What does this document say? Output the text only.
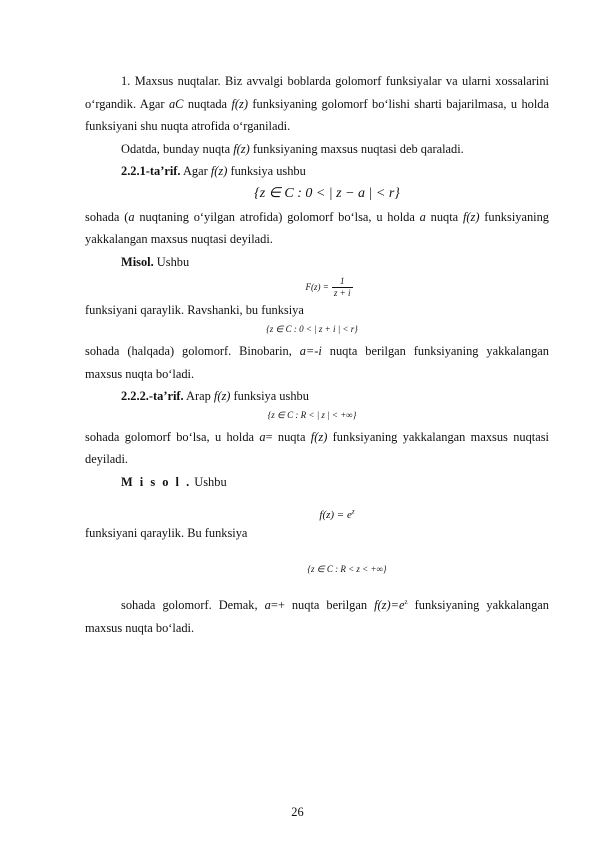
1. Maxsus nuqtalar. Biz avvalgi boblarda golomorf funksiyalar va ularni xossalarini o‘rgandik. Agar aC nuqtada f(z) funksiyaning golomorf bo‘lishi sharti bajarilmasa, u holda funksiyani shu nuqta atrofida o‘rganiladi.

Odatda, bunday nuqta f(z) funksiyaning maxsus nuqtasi deb qaraladi.

2.2.1-ta’rif. Agar f(z) funksiya ushbu

{z ∈ C : 0 < | z − a | < r}

sohada (a nuqtaning o‘yilgan atrofida) golomorf bo‘lsa, u holda a nuqta f(z) funksiyaning yakkalangan maxsus nuqtasi deyiladi.

Misol. Ushbu

$F(z) = \frac{1}{z + i}$

funksiyani qaraylik. Ravshanki, bu funksiya

{z ∈ C : 0 < | z + i | < r}

sohada (halqada) golomorf. Binobarin, a=-i nuqta berilgan funksiyaning yakkalangan maxsus nuqta bo‘ladi.

2.2.2.-ta’rif. Arap f(z) funksiya ushbu

{z ∈ C : R < | z | < +∞}

sohada golomorf bo‘lsa, u holda a= nuqta f(z) funksiyaning yakkalangan maxsus nuqtasi deyiladi.

M i s o l . Ushbu

$f(z) = e^z$

funksiyani qaraylik. Bu funksiya

{z ∈ C : R < z < +∞}

sohada golomorf. Demak, a=+ nuqta berilgan $f(z)=e^z$ funksiyaning yakkalangan maxsus nuqta bo‘ladi.

26
